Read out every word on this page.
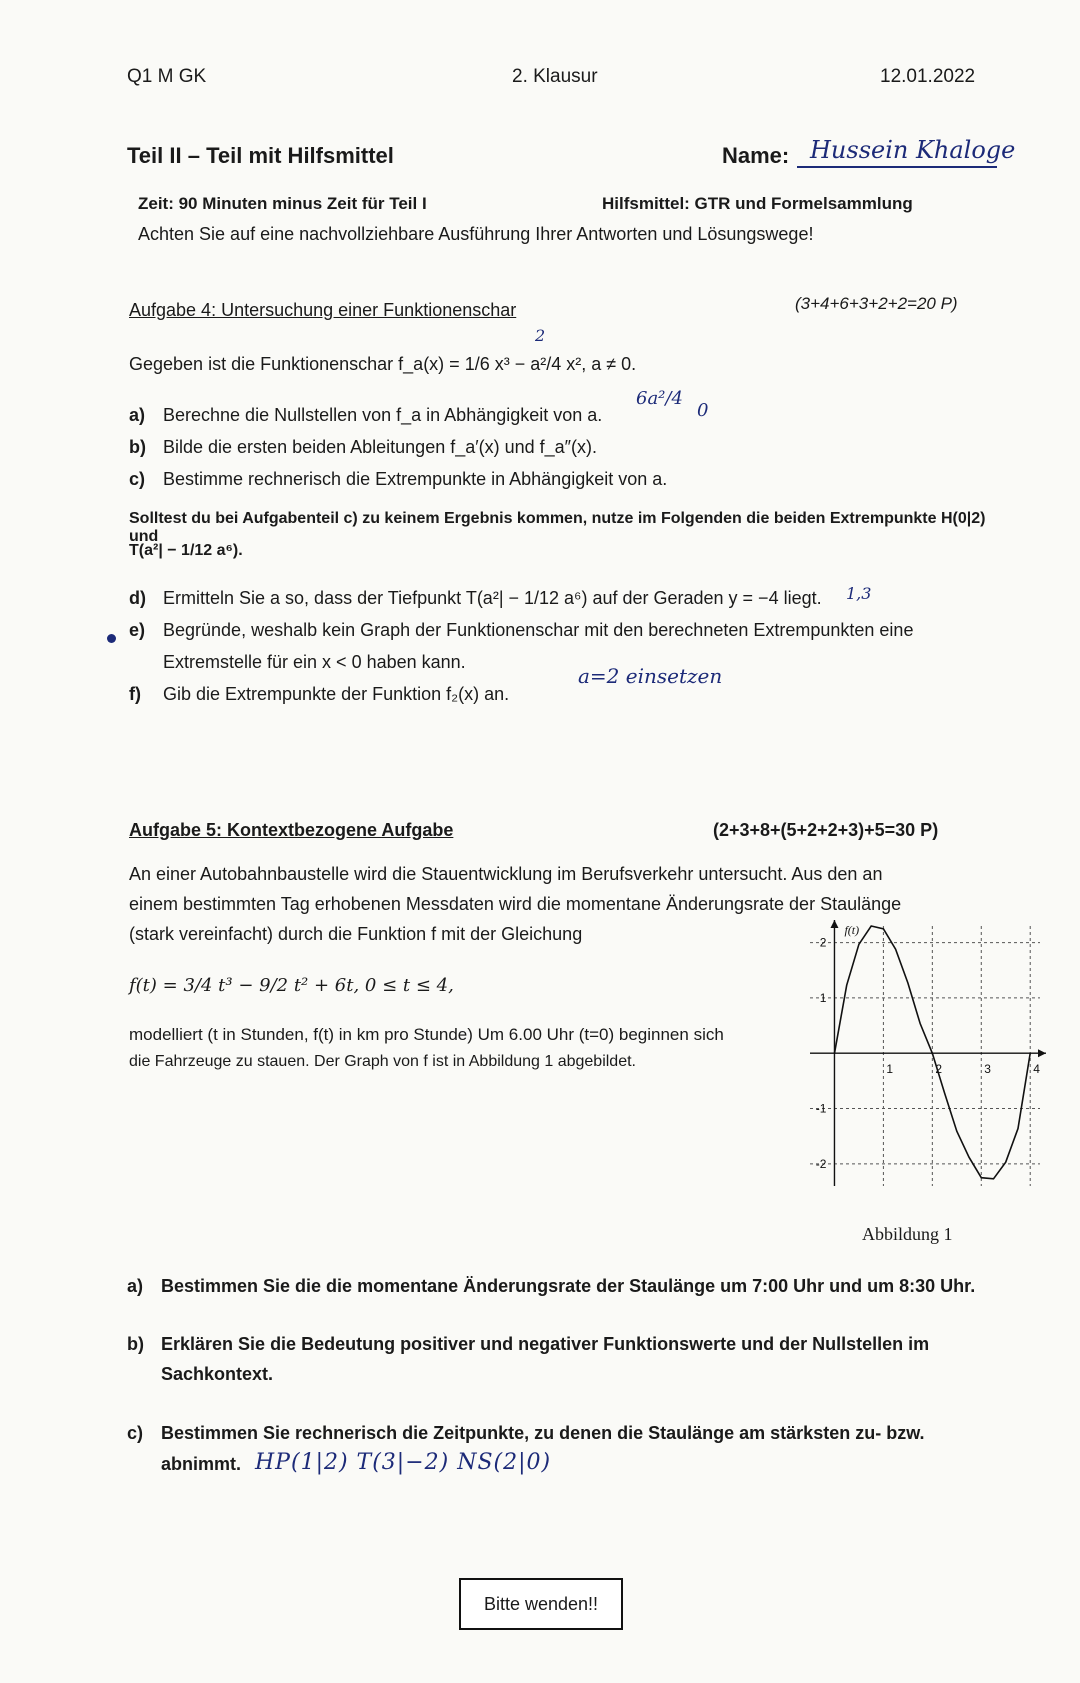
Q1 M GK	2. Klausur	12.01.2022
Teil II – Teil mit Hilfsmittel	Name: Hussein Khaloge
Zeit: 90 Minuten minus Zeit für Teil I	Hilfsmittel: GTR und Formelsammlung
Achten Sie auf eine nachvollziehbare Ausführung Ihrer Antworten und Lösungswege!
Aufgabe 4: Untersuchung einer Funktionenschar	(3+4+6+3+2+2=20 P)
Gegeben ist die Funktionenschar f_a(x) = 1/6 x³ − a²/4 x², a ≠ 0.
2
a) Berechne die Nullstellen von f_a in Abhängigkeit von a.
b) Bilde die ersten beiden Ableitungen f_a′(x) und f_a″(x).
c) Bestimme rechnerisch die Extrempunkte in Abhängigkeit von a.
6a²/4
0
Solltest du bei Aufgabenteil c) zu keinem Ergebnis kommen, nutze im Folgenden die beiden Extrempunkte H(0|2) und
T(a²| − 1/12 a⁶).
d) Ermitteln Sie a so, dass der Tiefpunkt T(a²| − 1/12 a⁶) auf der Geraden y = −4 liegt.	1,3
e) Begründe, weshalb kein Graph der Funktionenschar mit den berechneten Extrempunkten eine
Extremstelle für ein x < 0 haben kann.
f) Gib die Extrempunkte der Funktion f₂(x) an.
a=2 einsetzen
Aufgabe 5: Kontextbezogene Aufgabe	(2+3+8+(5+2+2+3)+5=30 P)
An einer Autobahnbaustelle wird die Stauentwicklung im Berufsverkehr untersucht. Aus den an
einem bestimmten Tag erhobenen Messdaten wird die momentane Änderungsrate der Staulänge
(stark vereinfacht) durch die Funktion f mit der Gleichung
f(t) = 3/4 t³ − 9/2 t² + 6t, 0 ≤ t ≤ 4,
modelliert (t in Stunden, f(t) in km pro Stunde) Um 6.00 Uhr (t=0) beginnen sich
die Fahrzeuge zu stauen. Der Graph von f ist in Abbildung 1 abgebildet.	1	2	3	4
2
1
-1
-2
f(t)
Abbildung 1
a) Bestimmen Sie die die momentane Änderungsrate der Staulänge um 7:00 Uhr und um 8:30 Uhr.
b) Erklären Sie die Bedeutung positiver und negativer Funktionswerte und der Nullstellen im
Sachkontext.
c) Bestimmen Sie rechnerisch die Zeitpunkte, zu denen die Staulänge am stärksten zu- bzw.
abnimmt. HP(1|2) T(3|−2) NS(2|0)
Bitte wenden!!
